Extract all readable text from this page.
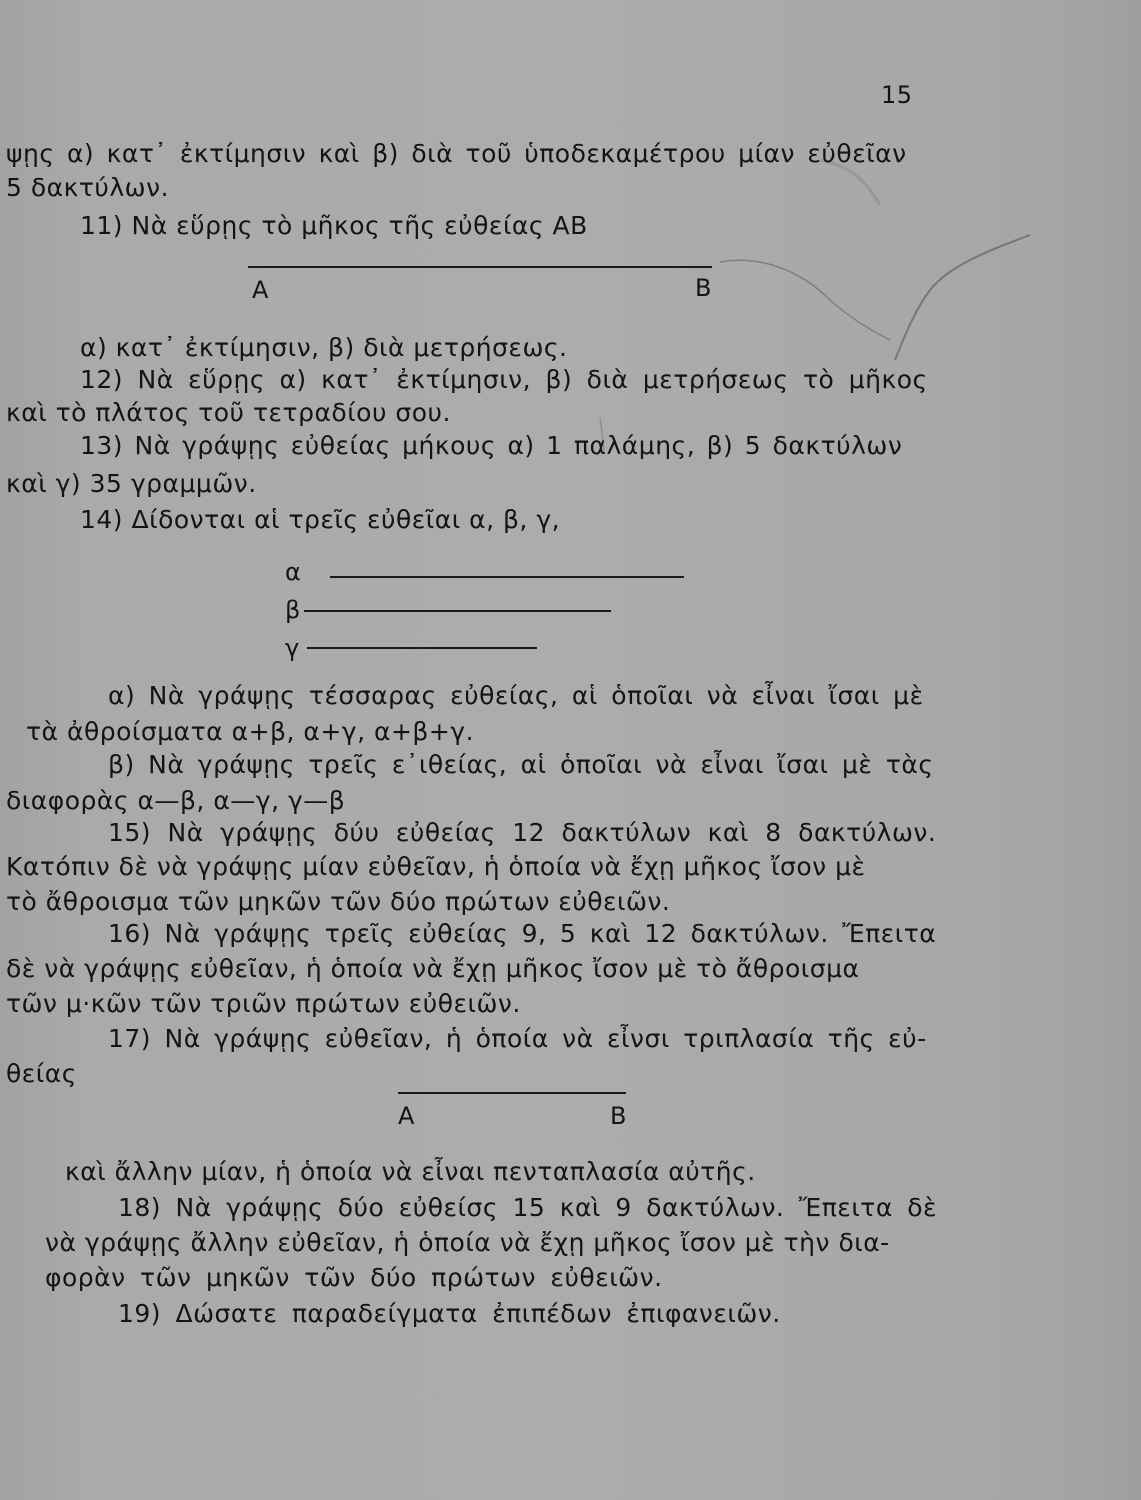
15
ψῃς α) κατ᾽ ἐκτίμησιν καὶ β) διὰ τοῦ ὑποδεκαμέτρου μίαν εὐθεῖαν
5 δακτύλων.
11) Νὰ εὕρῃς τὸ μῆκος τῆς εὐθείας ΑΒ
Α	Β
α) κατ᾽ ἐκτίμησιν, β) διὰ μετρήσεως.
12) Νὰ εὕρῃς α) κατ᾽ ἐκτίμησιν, β) διὰ μετρήσεως τὸ μῆκος
καὶ τὸ πλάτος τοῦ τετραδίου σου.
13) Νὰ γράψῃς εὐθείας μήκους α) 1 παλάμης, β) 5 δακτύλων
καὶ γ) 35 γραμμῶν.
14) Δίδονται αἱ τρεῖς εὐθεῖαι α, β, γ,
α
β
γ
α) Νὰ γράψῃς τέσσαρας εὐθείας, αἱ ὁποῖαι νὰ εἶναι ἴσαι μὲ
τὰ ἀθροίσματα α+β, α+γ, α+β+γ.
β) Νὰ γράψῃς τρεῖς ε᾽ιθείας, αἱ ὁποῖαι νὰ εἶναι ἴσαι μὲ τὰς
διαφορὰς α—β, α—γ, γ—β
15) Νὰ γράψῃς δύυ εὐθείας 12 δακτύλων καὶ 8 δακτύλων.
Κατόπιν δὲ νὰ γράψῃς μίαν εὐθεῖαν, ἡ ὁποία νὰ ἔχῃ μῆκος ἴσον μὲ
τὸ ἄθροισμα τῶν μηκῶν τῶν δύο πρώτων εὐθειῶν.
16) Νὰ γράψῃς τρεῖς εὐθείας 9, 5 καὶ 12 δακτύλων. Ἔπειτα
δὲ νὰ γράψῃς εὐθεῖαν, ἡ ὁποία νὰ ἔχῃ μῆκος ἴσον μὲ τὸ ἄθροισμα
τῶν μ·κῶν τῶν τριῶν πρώτων εὐθειῶν.
17) Νὰ γράψῃς εὐθεῖαν, ἡ ὁποία νὰ εἶνσι τριπλασία τῆς εὐ-
θείας
Α	Β
καὶ ἄλλην μίαν, ἡ ὁποία νὰ εἶναι πενταπλασία αὐτῆς.
18) Νὰ γράψῃς δύο εὐθείσς 15 καὶ 9 δακτύλων. Ἔπειτα δὲ
νὰ γράψῃς ἄλλην εὐθεῖαν, ἡ ὁποία νὰ ἔχῃ μῆκος ἴσον μὲ τὴν δια-
φορὰν τῶν μηκῶν τῶν δύο πρώτων εὐθειῶν.
19) Δώσατε παραδείγματα ἐπιπέδων ἐπιφανειῶν.
